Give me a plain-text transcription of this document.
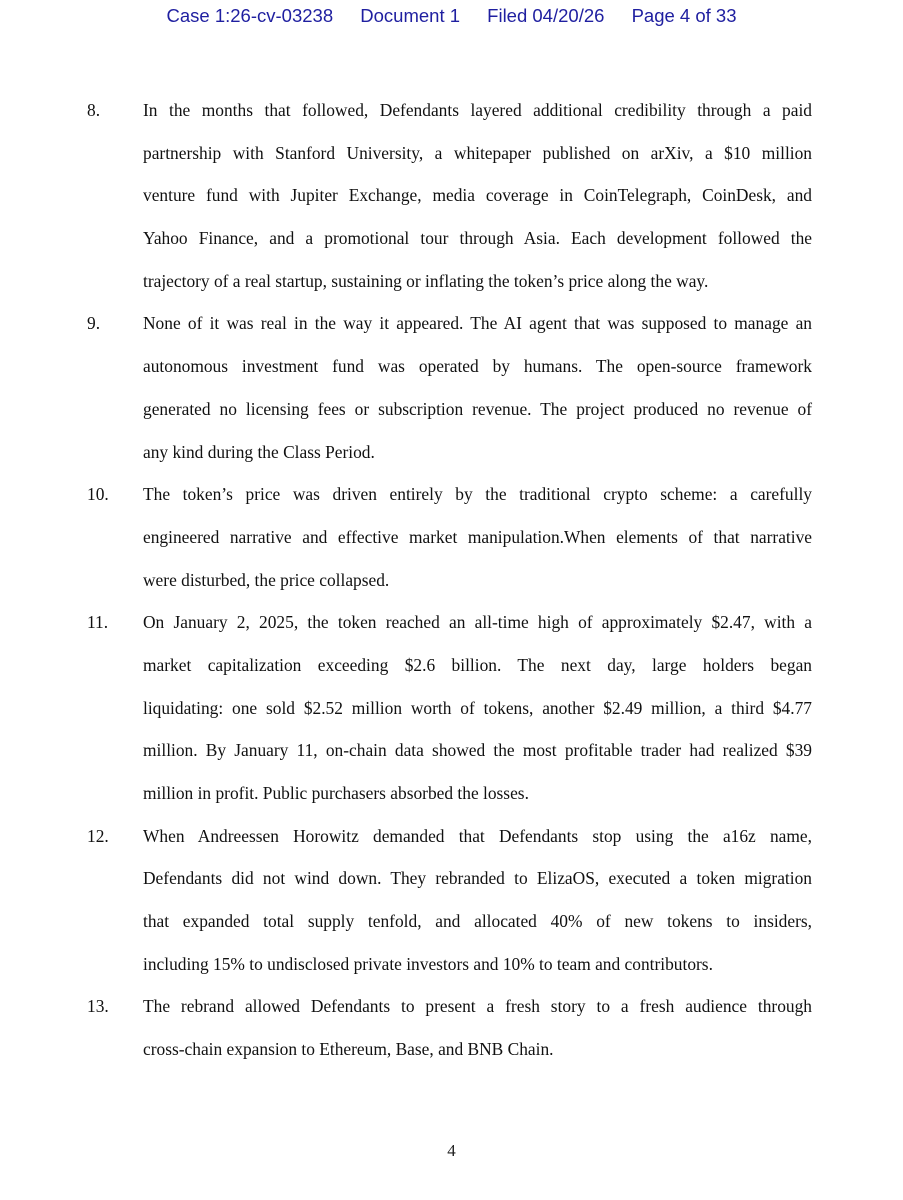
Case 1:26-cv-03238 Document 1 Filed 04/20/26 Page 4 of 33
8. In the months that followed, Defendants layered additional credibility through a paid
partnership with Stanford University, a whitepaper published on arXiv, a $10 million
venture fund with Jupiter Exchange, media coverage in CoinTelegraph, CoinDesk, and
Yahoo Finance, and a promotional tour through Asia. Each development followed the
trajectory of a real startup, sustaining or inflating the token’s price along the way.
9. None of it was real in the way it appeared. The AI agent that was supposed to manage an
autonomous investment fund was operated by humans. The open-source framework
generated no licensing fees or subscription revenue. The project produced no revenue of
any kind during the Class Period.
10. The token’s price was driven entirely by the traditional crypto scheme: a carefully
engineered narrative and effective market manipulation.When elements of that narrative
were disturbed, the price collapsed.
11. On January 2, 2025, the token reached an all-time high of approximately $2.47, with a
market capitalization exceeding $2.6 billion. The next day, large holders began
liquidating: one sold $2.52 million worth of tokens, another $2.49 million, a third $4.77
million. By January 11, on-chain data showed the most profitable trader had realized $39
million in profit. Public purchasers absorbed the losses.
12. When Andreessen Horowitz demanded that Defendants stop using the a16z name,
Defendants did not wind down. They rebranded to ElizaOS, executed a token migration
that expanded total supply tenfold, and allocated 40% of new tokens to insiders,
including 15% to undisclosed private investors and 10% to team and contributors.
13. The rebrand allowed Defendants to present a fresh story to a fresh audience through
cross-chain expansion to Ethereum, Base, and BNB Chain.
4
